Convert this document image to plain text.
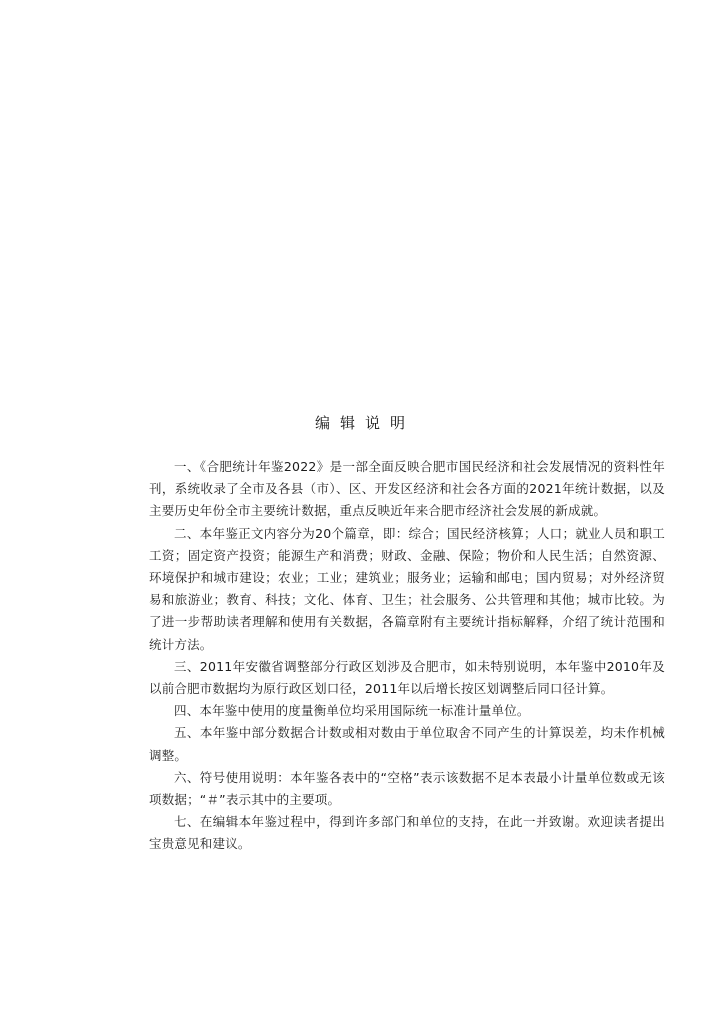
编辑说明

一、《合肥统计年鉴2022》是一部全面反映合肥市国民经济和社会发展情况的资料性年刊，系统收录了全市及各县（市）、区、开发区经济和社会各方面的2021年统计数据，以及主要历史年份全市主要统计数据，重点反映近年来合肥市经济社会发展的新成就。

二、本年鉴正文内容分为20个篇章，即：综合；国民经济核算；人口；就业人员和职工工资；固定资产投资；能源生产和消费；财政、金融、保险；物价和人民生活；自然资源、环境保护和城市建设；农业；工业；建筑业；服务业；运输和邮电；国内贸易；对外经济贸易和旅游业；教育、科技；文化、体育、卫生；社会服务、公共管理和其他；城市比较。为了进一步帮助读者理解和使用有关数据，各篇章附有主要统计指标解释，介绍了统计范围和统计方法。

三、2011年安徽省调整部分行政区划涉及合肥市，如未特别说明，本年鉴中2010年及以前合肥市数据均为原行政区划口径，2011年以后增长按区划调整后同口径计算。

四、本年鉴中使用的度量衡单位均采用国际统一标准计量单位。

五、本年鉴中部分数据合计数或相对数由于单位取舍不同产生的计算误差，均未作机械调整。

六、符号使用说明：本年鉴各表中的“空格”表示该数据不足本表最小计量单位数或无该项数据；“＃”表示其中的主要项。

七、在编辑本年鉴过程中，得到许多部门和单位的支持，在此一并致谢。欢迎读者提出宝贵意见和建议。
